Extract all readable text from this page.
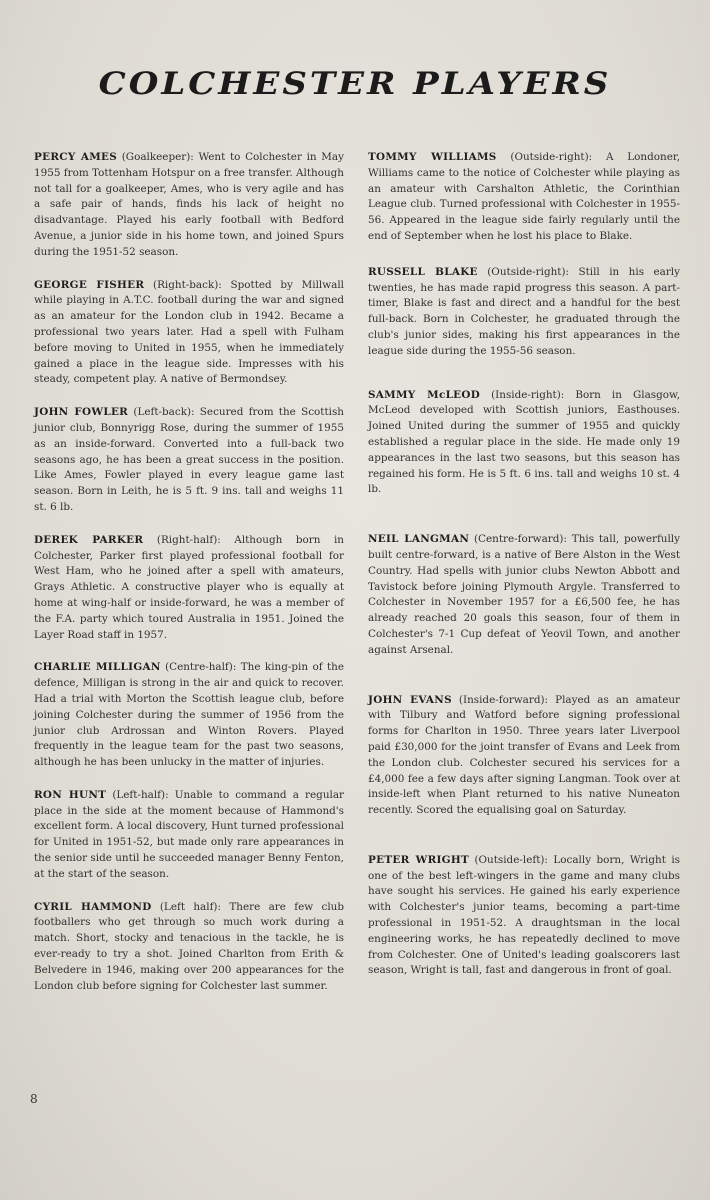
COLCHESTER PLAYERS

PERCY AMES (Goalkeeper): Went to Colchester in May 1955 from Tottenham Hotspur on a free transfer. Although not tall for a goalkeeper, Ames, who is very agile and has a safe pair of hands, finds his lack of height no disadvantage. Played his early football with Bedford Avenue, a junior side in his home town, and joined Spurs during the 1951-52 season.

GEORGE FISHER (Right-back): Spotted by Millwall while playing in A.T.C. football during the war and signed as an amateur for the London club in 1942. Became a professional two years later. Had a spell with Fulham before moving to United in 1955, when he immediately gained a place in the league side. Impresses with his steady, competent play. A native of Bermondsey.

JOHN FOWLER (Left-back): Secured from the Scottish junior club, Bonnyrigg Rose, during the summer of 1955 as an inside-forward. Converted into a full-back two seasons ago, he has been a great success in the position. Like Ames, Fowler played in every league game last season. Born in Leith, he is 5 ft. 9 ins. tall and weighs 11 st. 6 lb.

DEREK PARKER (Right-half): Although born in Colchester, Parker first played professional football for West Ham, who he joined after a spell with amateurs, Grays Athletic. A constructive player who is equally at home at wing-half or inside-forward, he was a member of the F.A. party which toured Australia in 1951. Joined the Layer Road staff in 1957.

CHARLIE MILLIGAN (Centre-half): The king-pin of the defence, Milligan is strong in the air and quick to recover. Had a trial with Morton the Scottish league club, before joining Colchester during the summer of 1956 from the junior club Ardrossan and Winton Rovers. Played frequently in the league team for the past two seasons, although he has been unlucky in the matter of injuries.

RON HUNT (Left-half): Unable to command a regular place in the side at the moment because of Hammond's excellent form. A local discovery, Hunt turned professional for United in 1951-52, but made only rare appearances in the senior side until he succeeded manager Benny Fenton, at the start of the season.

CYRIL HAMMOND (Left half): There are few club footballers who get through so much work during a match. Short, stocky and tenacious in the tackle, he is ever-ready to try a shot. Joined Charlton from Erith & Belvedere in 1946, making over 200 appearances for the London club before signing for Colchester last summer.

TOMMY WILLIAMS (Outside-right): A Londoner, Williams came to the notice of Colchester while playing as an amateur with Carshalton Athletic, the Corinthian League club. Turned professional with Colchester in 1955-56. Appeared in the league side fairly regularly until the end of September when he lost his place to Blake.

RUSSELL BLAKE (Outside-right): Still in his early twenties, he has made rapid progress this season. A part-timer, Blake is fast and direct and a handful for the best full-back. Born in Colchester, he graduated through the club's junior sides, making his first appearances in the league side during the 1955-56 season.

SAMMY McLEOD (Inside-right): Born in Glasgow, McLeod developed with Scottish juniors, Easthouses. Joined United during the summer of 1955 and quickly established a regular place in the side. He made only 19 appearances in the last two seasons, but this season has regained his form. He is 5 ft. 6 ins. tall and weighs 10 st. 4 lb.

NEIL LANGMAN (Centre-forward): This tall, powerfully built centre-forward, is a native of Bere Alston in the West Country. Had spells with junior clubs Newton Abbott and Tavistock before joining Plymouth Argyle. Transferred to Colchester in November 1957 for a £6,500 fee, he has already reached 20 goals this season, four of them in Colchester's 7-1 Cup defeat of Yeovil Town, and another against Arsenal.

JOHN EVANS (Inside-forward): Played as an amateur with Tilbury and Watford before signing professional forms for Charlton in 1950. Three years later Liverpool paid £30,000 for the joint transfer of Evans and Leek from the London club. Colchester secured his services for a £4,000 fee a few days after signing Langman. Took over at inside-left when Plant returned to his native Nuneaton recently. Scored the equalising goal on Saturday.

PETER WRIGHT (Outside-left): Locally born, Wright is one of the best left-wingers in the game and many clubs have sought his services. He gained his early experience with Colchester's junior teams, becoming a part-time professional in 1951-52. A draughtsman in the local engineering works, he has repeatedly declined to move from Colchester. One of United's leading goalscorers last season, Wright is tall, fast and dangerous in front of goal.

8
